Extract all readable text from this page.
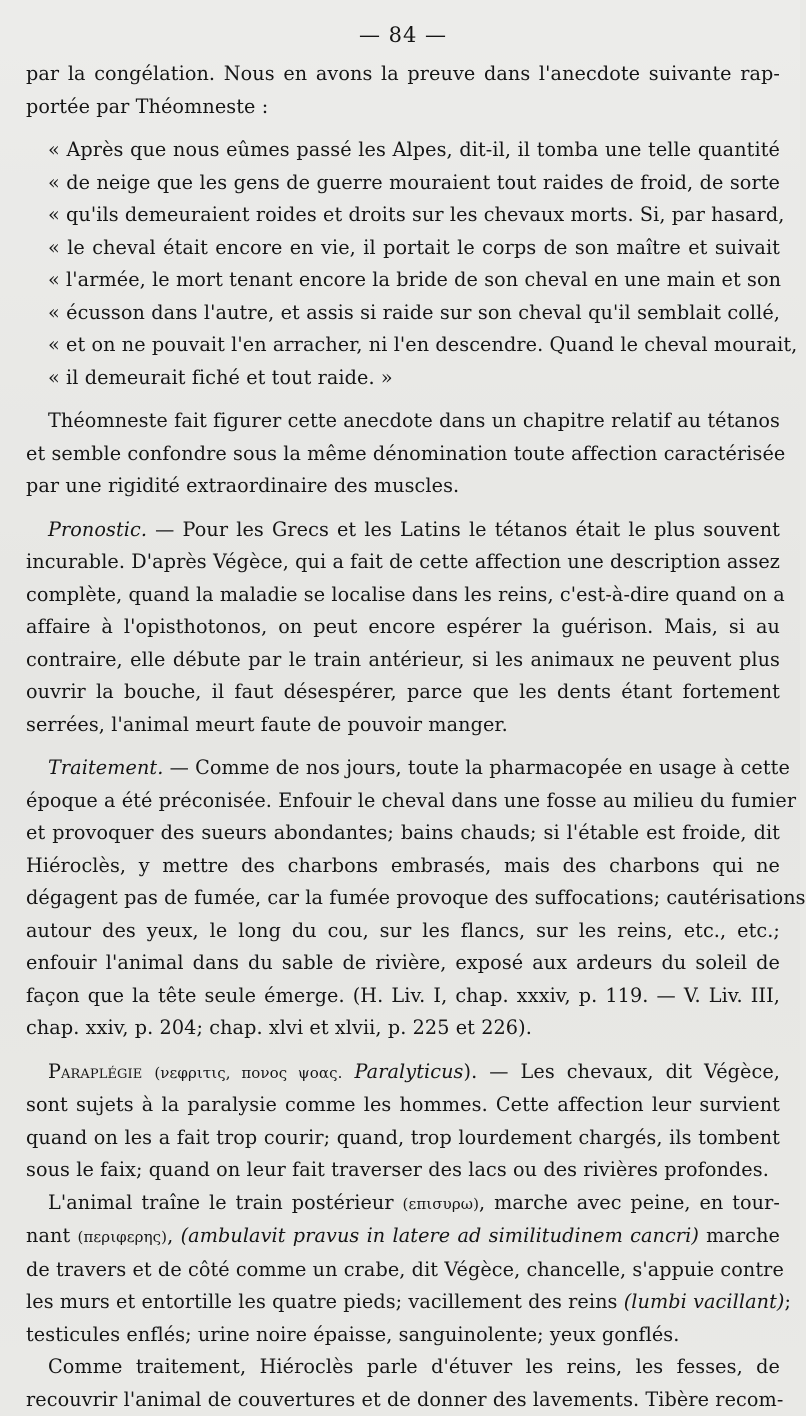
— 84 —
par la congélation. Nous en avons la preuve dans l'anecdote suivante rap-
portée par Théomneste :
« Après que nous eûmes passé les Alpes, dit-il, il tomba une telle quantité
« de neige que les gens de guerre mouraient tout raides de froid, de sorte
« qu'ils demeuraient roides et droits sur les chevaux morts. Si, par hasard,
« le cheval était encore en vie, il portait le corps de son maître et suivait
« l'armée, le mort tenant encore la bride de son cheval en une main et son
« écusson dans l'autre, et assis si raide sur son cheval qu'il semblait collé,
« et on ne pouvait l'en arracher, ni l'en descendre. Quand le cheval mourait,
« il demeurait fiché et tout raide. »
Théomneste fait figurer cette anecdote dans un chapitre relatif au tétanos
et semble confondre sous la même dénomination toute affection caractérisée
par une rigidité extraordinaire des muscles.
Pronostic. — Pour les Grecs et les Latins le tétanos était le plus souvent
incurable. D'après Végèce, qui a fait de cette affection une description assez
complète, quand la maladie se localise dans les reins, c'est-à-dire quand on a
affaire à l'opisthotonos, on peut encore espérer la guérison. Mais, si au
contraire, elle débute par le train antérieur, si les animaux ne peuvent plus
ouvrir la bouche, il faut désespérer, parce que les dents étant fortement
serrées, l'animal meurt faute de pouvoir manger.
Traitement. — Comme de nos jours, toute la pharmacopée en usage à cette
époque a été préconisée. Enfouir le cheval dans une fosse au milieu du fumier
et provoquer des sueurs abondantes; bains chauds; si l'étable est froide, dit
Hiéroclès, y mettre des charbons embrasés, mais des charbons qui ne
dégagent pas de fumée, car la fumée provoque des suffocations; cautérisations
autour des yeux, le long du cou, sur les flancs, sur les reins, etc., etc.;
enfouir l'animal dans du sable de rivière, exposé aux ardeurs du soleil de
façon que la tête seule émerge. (H. Liv. I, chap. xxxiv, p. 119. — V. Liv. III,
chap. xxiv, p. 204; chap. xlvi et xlvii, p. 225 et 226).
Paraplégie (νεφριτις, πονος ψοας. Paralyticus). — Les chevaux, dit Végèce,
sont sujets à la paralysie comme les hommes. Cette affection leur survient
quand on les a fait trop courir; quand, trop lourdement chargés, ils tombent
sous le faix; quand on leur fait traverser des lacs ou des rivières profondes.
L'animal traîne le train postérieur (επισυρω), marche avec peine, en tour-
nant (περιφερης), (ambulavit pravus in latere ad similitudinem cancri) marche
de travers et de côté comme un crabe, dit Végèce, chancelle, s'appuie contre
les murs et entortille les quatre pieds; vacillement des reins (lumbi vacillant);
testicules enflés; urine noire épaisse, sanguinolente; yeux gonflés.
Comme traitement, Hiéroclès parle d'étuver les reins, les fesses, de
recouvrir l'animal de couvertures et de donner des lavements. Tibère recom-
